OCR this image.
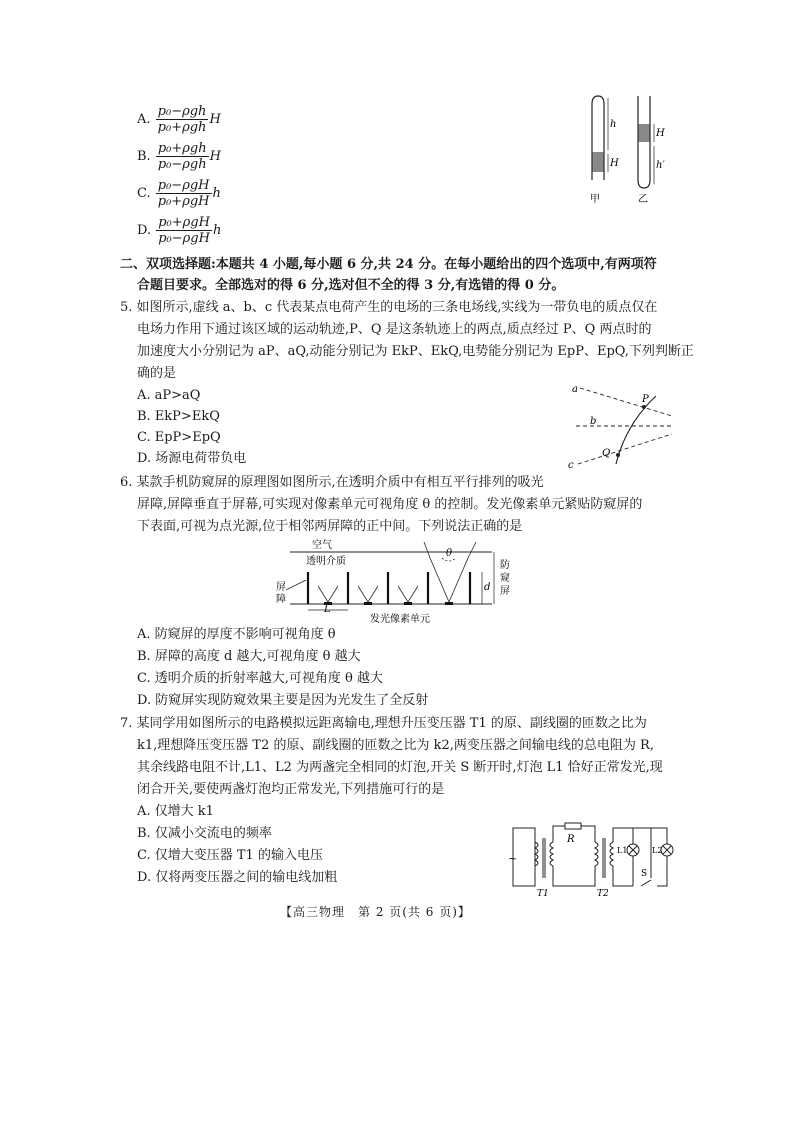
A. $\frac{\text{p₀−ρgh}}{\text{p₀+ρgh}}$ H
B. $\frac{\text{p₀+ρgh}}{\text{p₀−ρgh}}$ H
C. $\frac{\text{p₀−ρgH}}{\text{p₀+ρgH}}$ h
D. $\frac{\text{p₀+ρgH}}{\text{p₀−ρgH}}$ h
h
H
甲
H
h′
乙
二、双项选择题:本题共 4 小题,每小题 6 分,共 24 分。在每小题给出的四个选项中,有两项符
合题目要求。全部选对的得 6 分,选对但不全的得 3 分,有选错的得 0 分。
5. 如图所示,虚线 a、b、c 代表某点电荷产生的电场的三条电场线,实线为一带负电的质点仅在
电场力作用下通过该区域的运动轨迹,P、Q 是这条轨迹上的两点,质点经过 P、Q 两点时的
加速度大小分别记为 aP、aQ,动能分别记为 EkP、EkQ,电势能分别记为 EpP、EpQ,下列判断正
确的是
A. aP>aQ
B. EkP>EkQ
C. EpP>EpQ
D. 场源电荷带负电
a
b
c
P
Q
6. 某款手机防窥屏的原理图如图所示,在透明介质中有相互平行排列的吸光
屏障,屏障垂直于屏幕,可实现对像素单元可视角度 θ 的控制。发光像素单元紧贴防窥屏的
下表面,可视为点光源,位于相邻两屏障的正中间。下列说法正确的是
空气
透明介质
屏
障
θ
d
防
窥
屏
L
发光像素单元
A. 防窥屏的厚度不影响可视角度 θ
B. 屏障的高度 d 越大,可视角度 θ 越大
C. 透明介质的折射率越大,可视角度 θ 越大
D. 防窥屏实现防窥效果主要是因为光发生了全反射
7. 某同学用如图所示的电路模拟远距离输电,理想升压变压器 T1 的原、副线圈的匝数之比为
k1,理想降压变压器 T2 的原、副线圈的匝数之比为 k2,两变压器之间输电线的总电阻为 R,
其余线路电阻不计,L1、L2 为两盏完全相同的灯泡,开关 S 断开时,灯泡 L1 恰好正常发光,现
闭合开关,要使两盏灯泡均正常发光,下列措施可行的是
A. 仅增大 k1
B. 仅减小交流电的频率
C. 仅增大变压器 T1 的输入电压
D. 仅将两变压器之间的输电线加粗
~
R
L1	L2
S
T1	T2
【高三物理　第 2 页(共 6 页)】
